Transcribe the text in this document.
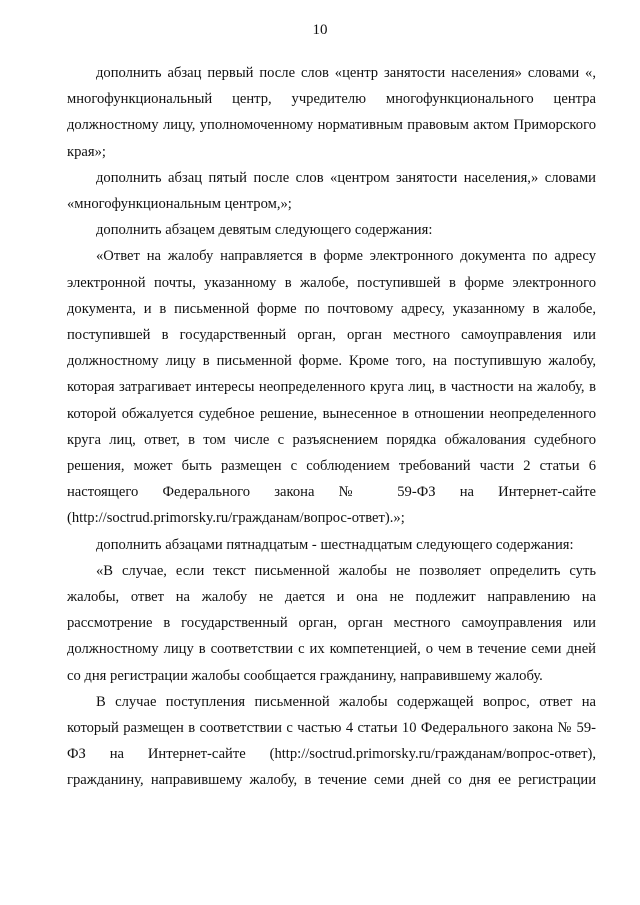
10

дополнить абзац первый после слов «центр занятости населения» словами «, многофункциональный центр, учредителю многофункционального центра должностному лицу, уполномоченному нормативным правовым актом Приморского края»;

дополнить абзац пятый после слов «центром занятости населения,» словами «многофункциональным центром,»;

дополнить абзацем девятым следующего содержания:

«Ответ на жалобу направляется в форме электронного документа по адресу электронной почты, указанному в жалобе, поступившей в форме электронного документа, и в письменной форме по почтовому адресу, указанному в жалобе, поступившей в государственный орган, орган местного самоуправления или должностному лицу в письменной форме. Кроме того, на поступившую жалобу, которая затрагивает интересы неопределенного круга лиц, в частности на жалобу, в которой обжалуется судебное решение, вынесенное в отношении неопределенного круга лиц, ответ, в том числе с разъяснением порядка обжалования судебного решения, может быть размещен с соблюдением требований части 2 статьи 6 настоящего Федерального закона № 59-ФЗ на Интернет-сайте (http://soctrud.primorsky.ru/гражданам/вопрос-ответ).»;

дополнить абзацами пятнадцатым - шестнадцатым следующего содержания:

«В случае, если текст письменной жалобы не позволяет определить суть жалобы, ответ на жалобу не дается и она не подлежит направлению на рассмотрение в государственный орган, орган местного самоуправления или должностному лицу в соответствии с их компетенцией, о чем в течение семи дней со дня регистрации жалобы сообщается гражданину, направившему жалобу.

В случае поступления письменной жалобы содержащей вопрос, ответ на который размещен в соответствии с частью 4 статьи 10 Федерального закона № 59-ФЗ на Интернет-сайте (http://soctrud.primorsky.ru/гражданам/вопрос-ответ), гражданину, направившему жалобу, в течение семи дней со дня ее регистрации
